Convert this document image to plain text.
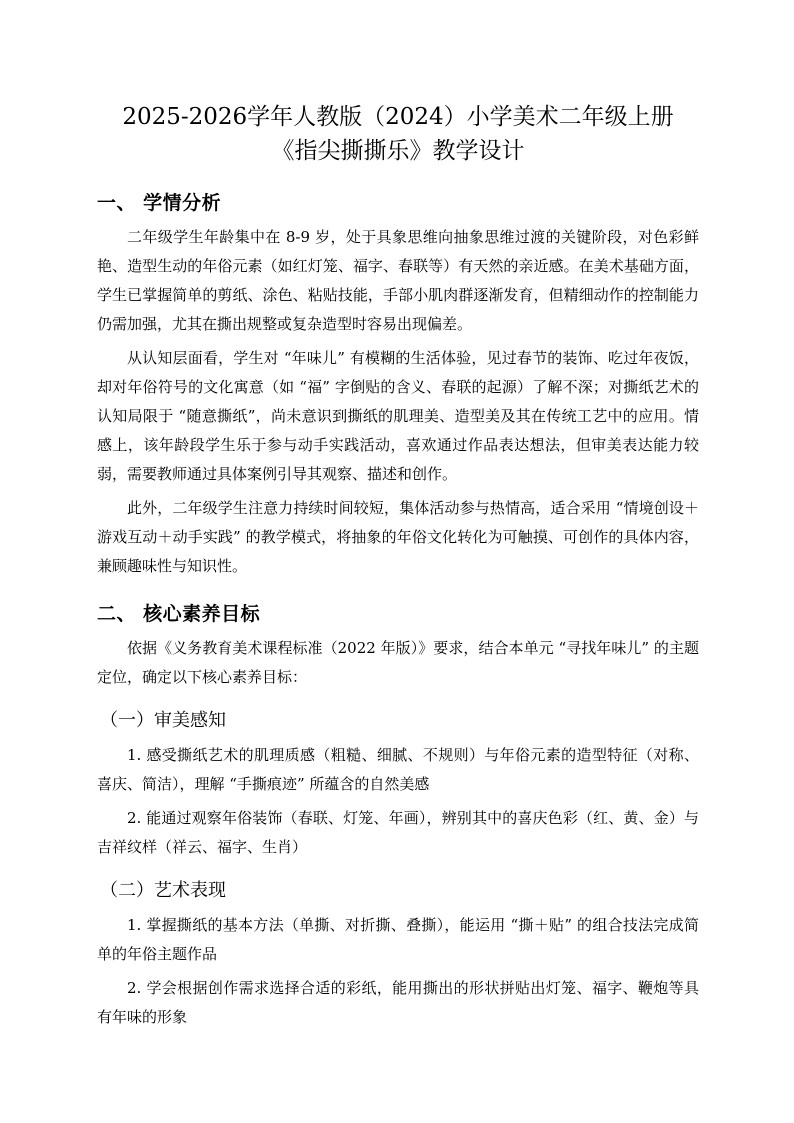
2025-2026学年人教版（2024）小学美术二年级上册
《指尖撕撕乐》教学设计
一、 学情分析

二年级学生年龄集中在 8-9 岁，处于具象思维向抽象思维过渡的关键阶段，对色彩鲜艳、造型生动的年俗元素（如红灯笼、福字、春联等）有天然的亲近感。在美术基础方面，学生已掌握简单的剪纸、涂色、粘贴技能，手部小肌肉群逐渐发育，但精细动作的控制能力仍需加强，尤其在撕出规整或复杂造型时容易出现偏差。

从认知层面看，学生对 “年味儿” 有模糊的生活体验，见过春节的装饰、吃过年夜饭，却对年俗符号的文化寓意（如 “福” 字倒贴的含义、春联的起源）了解不深；对撕纸艺术的认知局限于 “随意撕纸”，尚未意识到撕纸的肌理美、造型美及其在传统工艺中的应用。情感上，该年龄段学生乐于参与动手实践活动，喜欢通过作品表达想法，但审美表达能力较弱，需要教师通过具体案例引导其观察、描述和创作。

此外，二年级学生注意力持续时间较短，集体活动参与热情高，适合采用 “情境创设＋游戏互动＋动手实践” 的教学模式，将抽象的年俗文化转化为可触摸、可创作的具体内容，兼顾趣味性与知识性。

二、 核心素养目标

依据《义务教育美术课程标准（2022 年版）》要求，结合本单元 “寻找年味儿” 的主题定位，确定以下核心素养目标：

（一）审美感知

1. 感受撕纸艺术的肌理质感（粗糙、细腻、不规则）与年俗元素的造型特征（对称、喜庆、简洁），理解 “手撕痕迹” 所蕴含的自然美感

2. 能通过观察年俗装饰（春联、灯笼、年画），辨别其中的喜庆色彩（红、黄、金）与吉祥纹样（祥云、福字、生肖）

（二）艺术表现

1. 掌握撕纸的基本方法（单撕、对折撕、叠撕），能运用 “撕＋贴” 的组合技法完成简单的年俗主题作品

2. 学会根据创作需求选择合适的彩纸，能用撕出的形状拼贴出灯笼、福字、鞭炮等具有年味的形象
